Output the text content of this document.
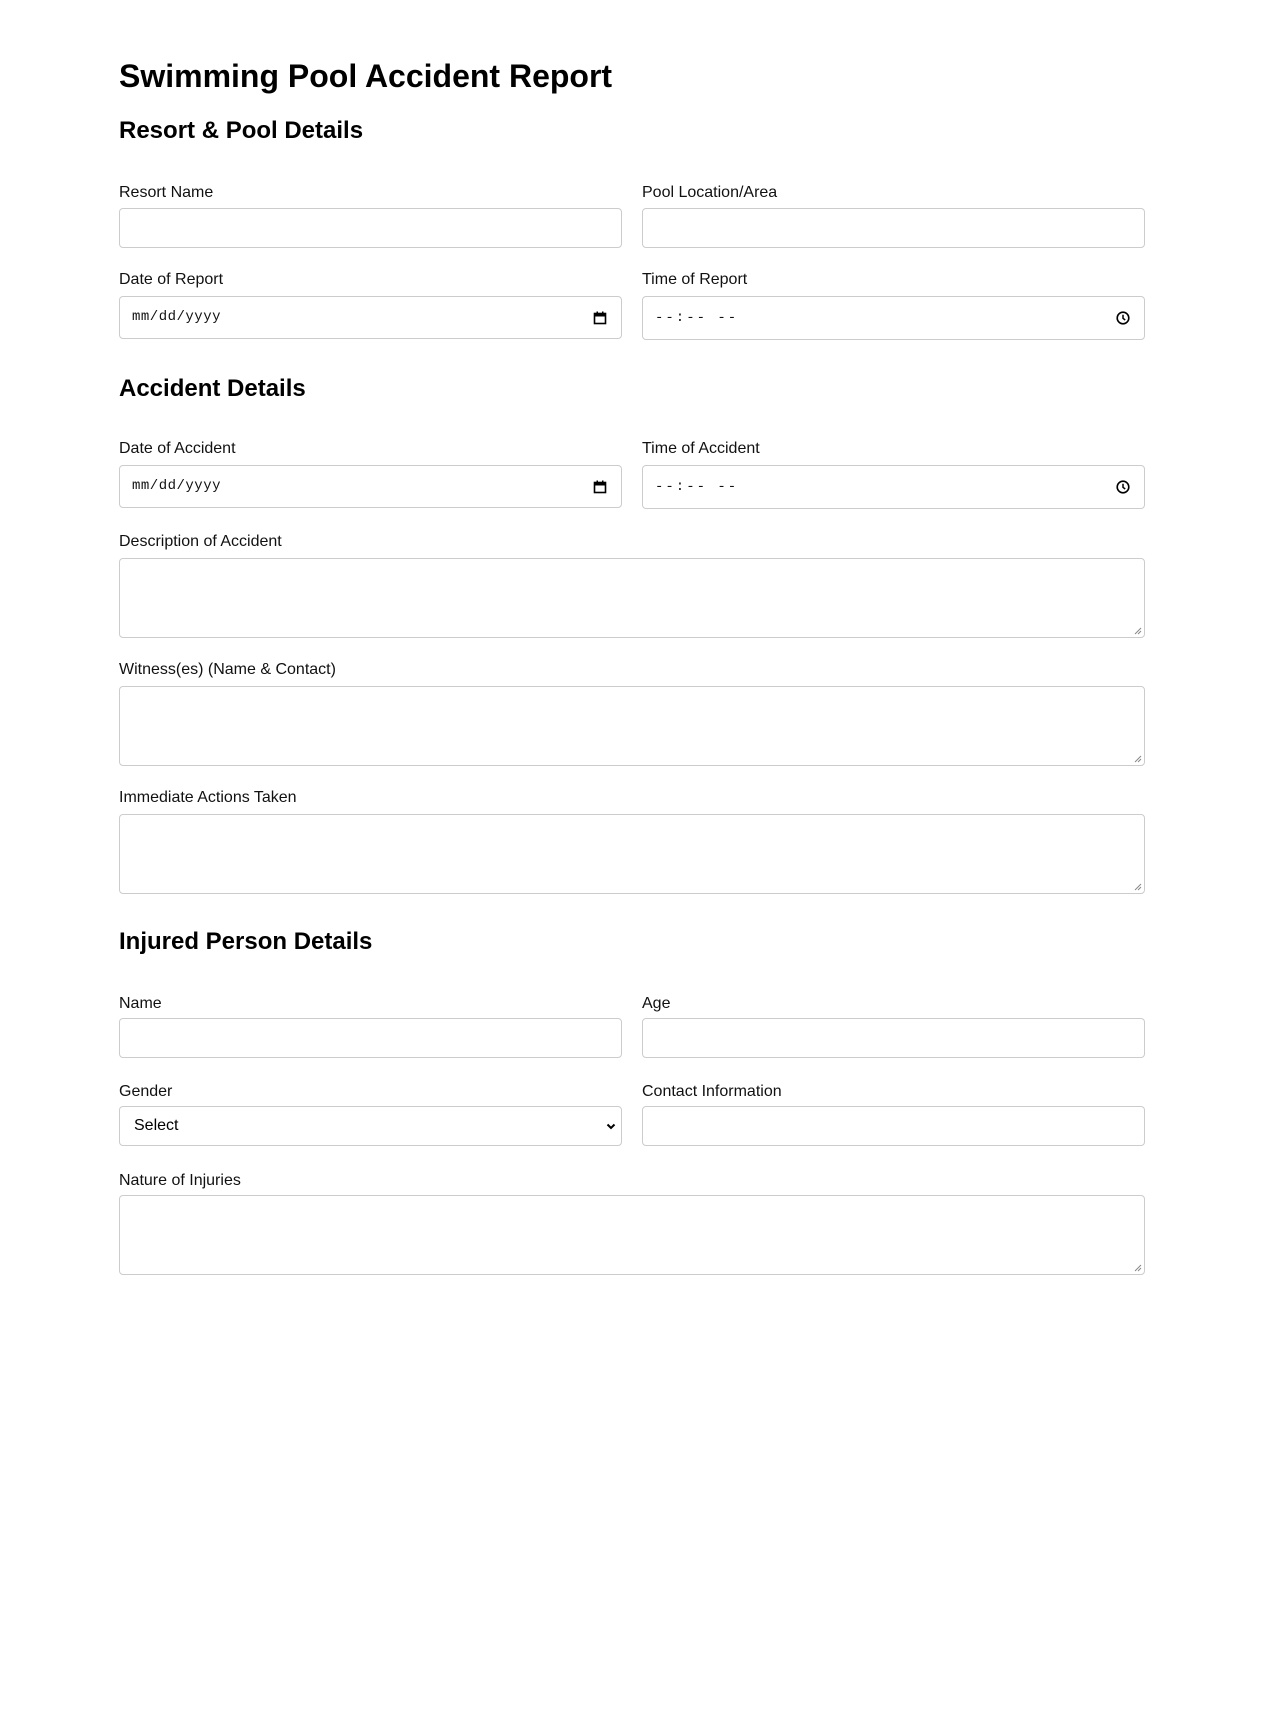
Swimming Pool Accident Report
Resort & Pool Details
Resort Name	Pool Location/Area
Date of Report
mm/dd/yyyy
Time of Report
--:-- --
Accident Details
Date of Accident
mm/dd/yyyy
Time of Accident
--:-- --
Description of Accident
Witness(es) (Name & Contact)
Immediate Actions Taken
Injured Person Details
Name	Age
Gender
Select
Contact Information
Nature of Injuries
